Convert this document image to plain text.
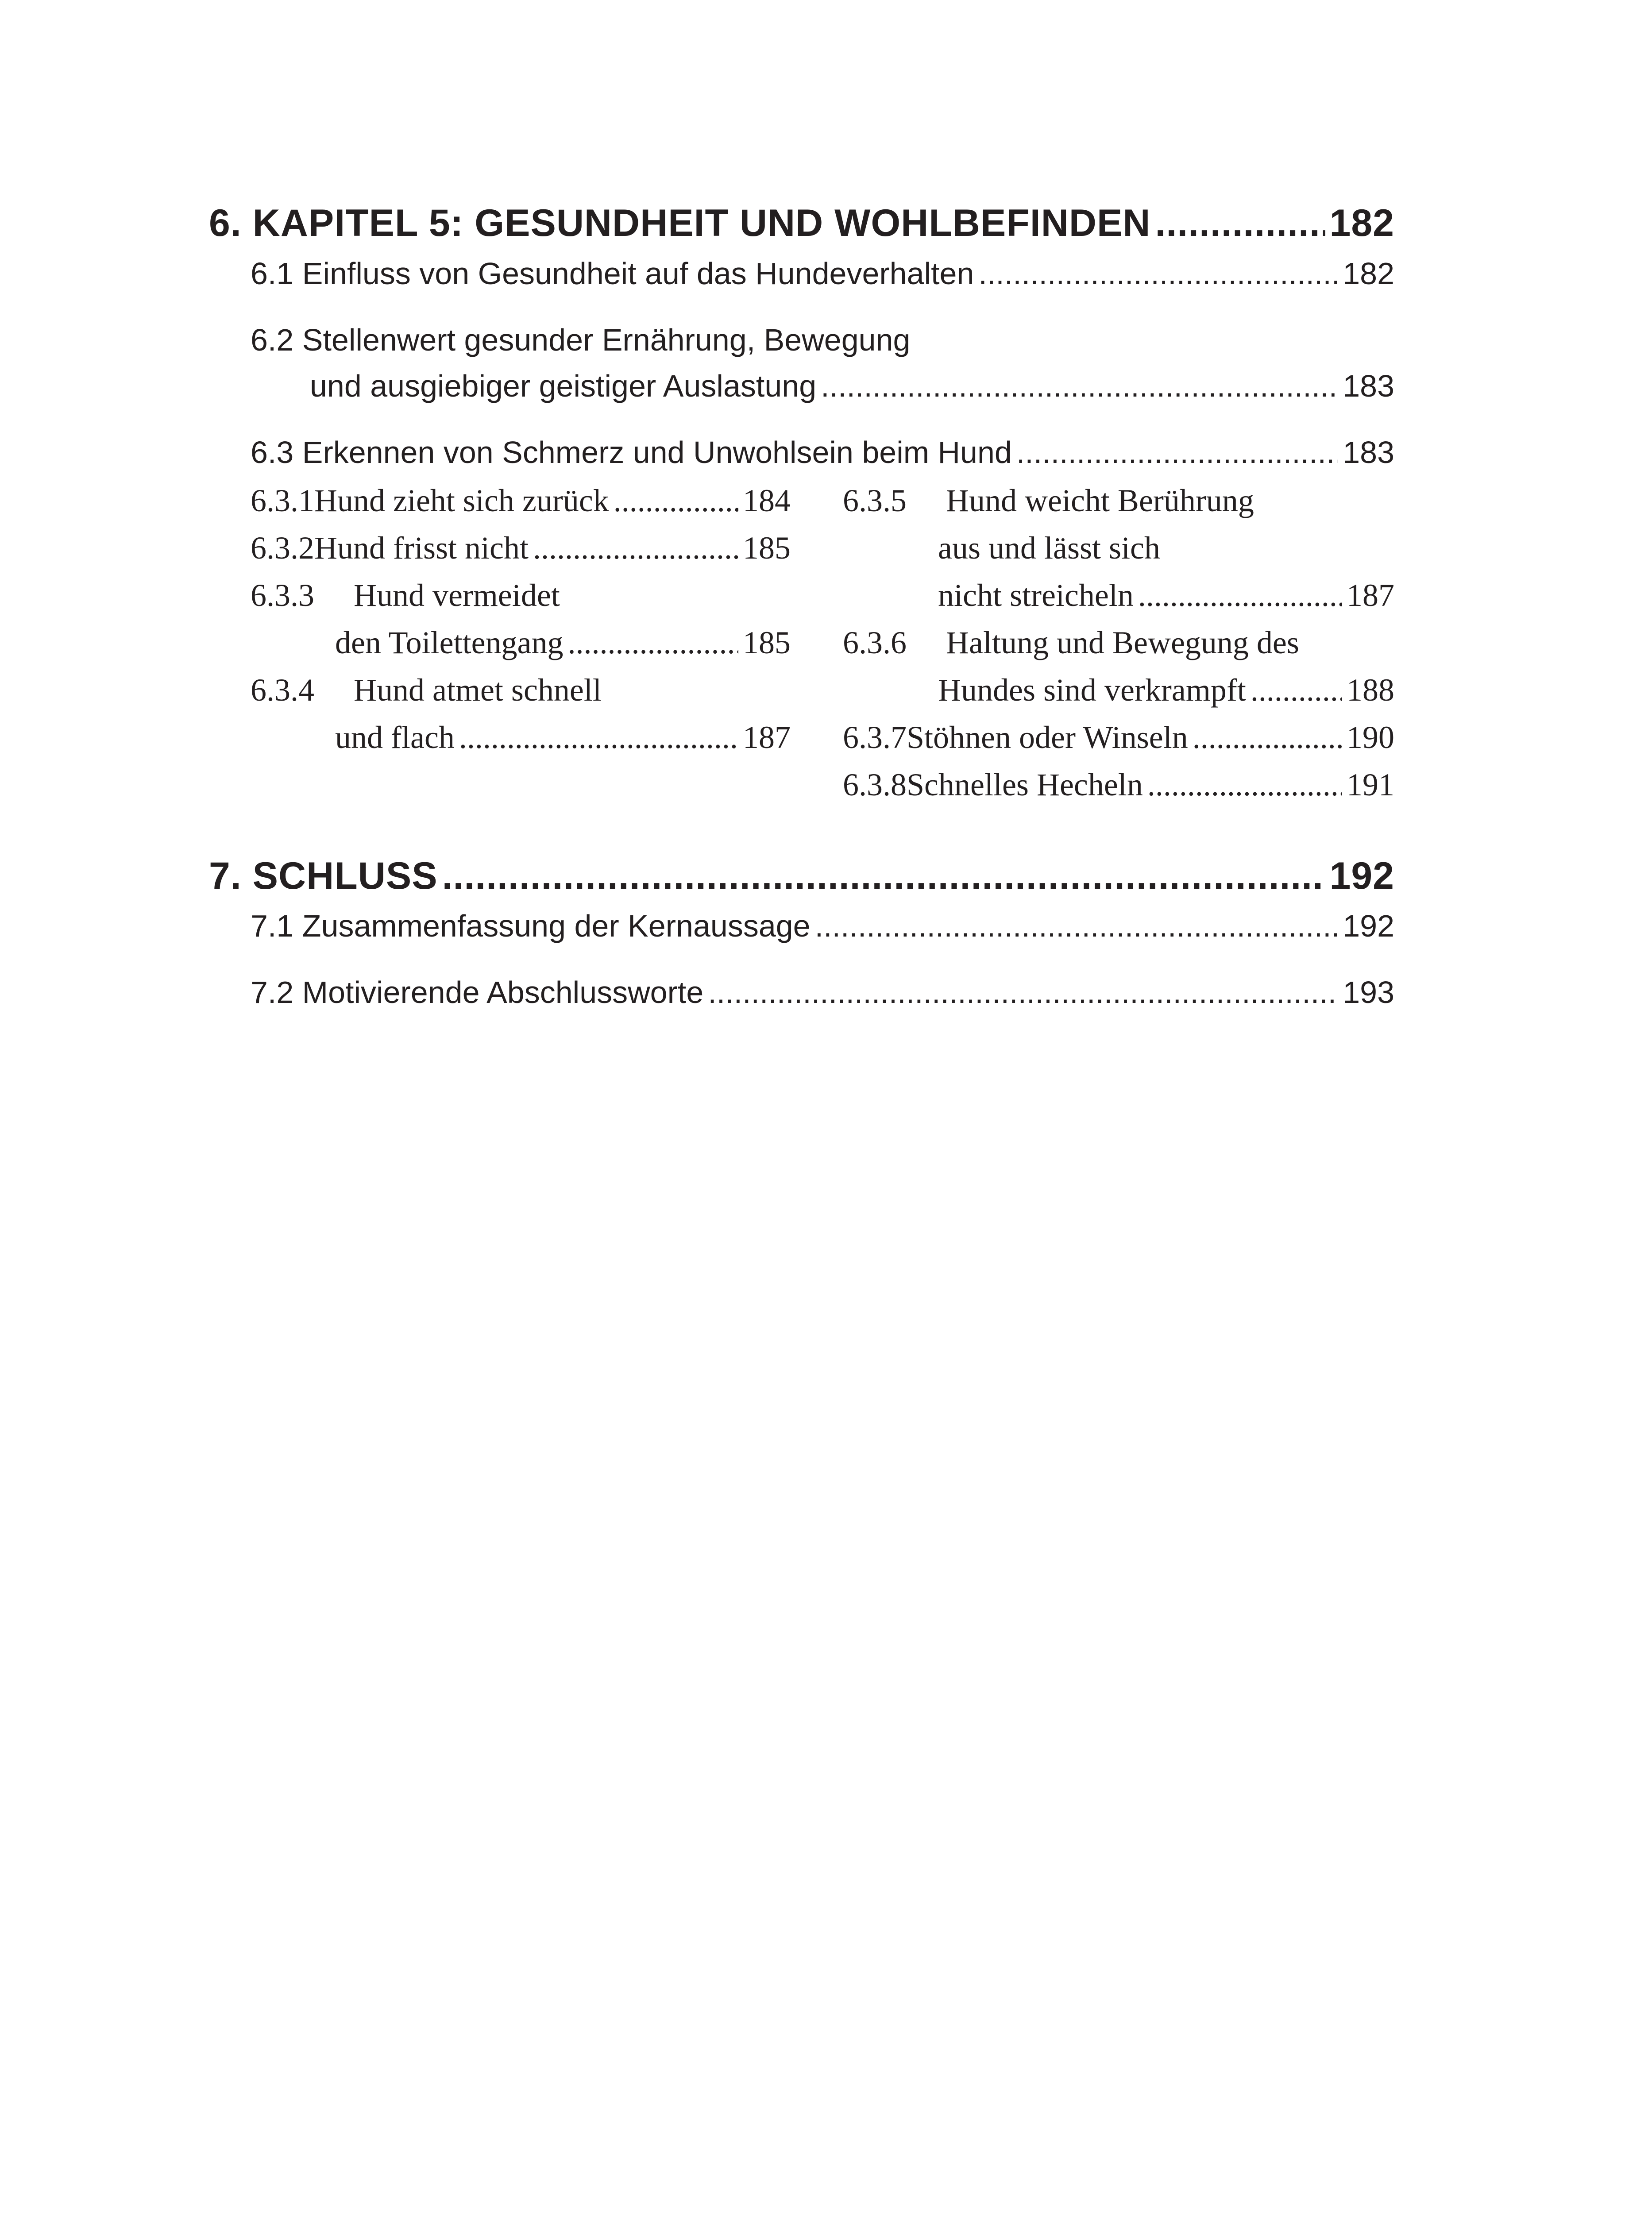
6. KAPITEL 5: GESUNDHEIT UND WOHLBEFINDEN .....	182
6.1 Einfluss von Gesundheit auf das Hundeverhalten .....	182
6.2 Stellenwert gesunder Ernährung, Bewegung
und ausgiebiger geistiger Auslastung .....	183
6.3 Erkennen von Schmerz und Unwohlsein beim Hund .....	183
6.3.1 Hund zieht sich zurück .....	184
6.3.2 Hund frisst nicht .....	185
6.3.3 Hund vermeidet
den Toilettengang .....	185
6.3.4 Hund atmet schnell
und flach .....	187
6.3.5 Hund weicht Berührung
aus und lässt sich
nicht streicheln .....	187
6.3.6 Haltung und Bewegung des
Hundes sind verkrampft .....	188
6.3.7 Stöhnen oder Winseln .....	190
6.3.8 Schnelles Hecheln .....	191
7. SCHLUSS .....	192
7.1 Zusammenfassung der Kernaussage .....	192
7.2 Motivierende Abschlussworte .....	193
